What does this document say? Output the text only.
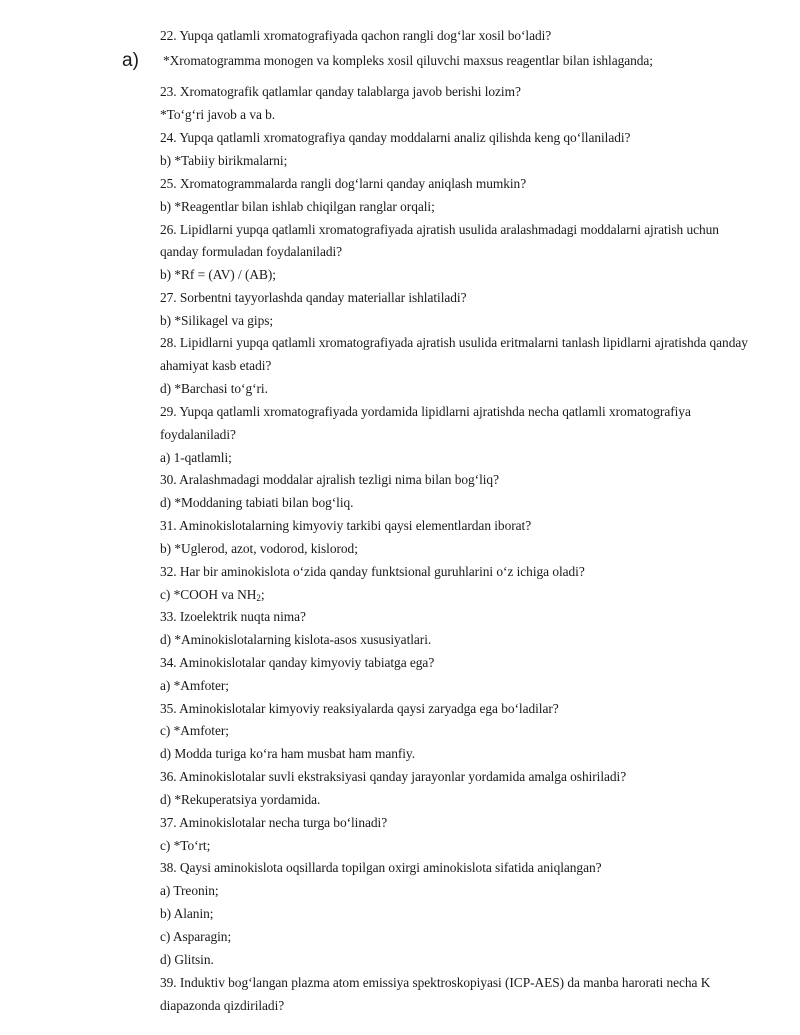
a)
22. Yupqa qatlamli xromatografiyada qachon rangli dog‘lar xosil bo‘ladi?
*Xromatogramma monogen va kompleks xosil qiluvchi maxsus reagentlar bilan ishlaganda;
23. Xromatografik qatlamlar qanday talablarga javob berishi lozim?
*To‘g‘ri javob a va b.
24. Yupqa qatlamli xromatografiya qanday moddalarni analiz qilishda keng qo‘llaniladi?
b) *Tabiiy birikmalarni;
25. Xromatogrammalarda rangli dog‘larni qanday aniqlash mumkin?
b) *Reagentlar bilan ishlab chiqilgan ranglar orqali;
26. Lipidlarni yupqa qatlamli xromatografiyada ajratish usulida aralashmadagi moddalarni ajratish uchun
qanday formuladan foydalaniladi?
b) *Rf = (AV) / (AB);
27. Sorbentni tayyorlashda qanday materiallar ishlatiladi?
b) *Silikagel va gips;
28. Lipidlarni yupqa qatlamli xromatografiyada ajratish usulida eritmalarni tanlash lipidlarni ajratishda qanday
ahamiyat kasb etadi?
d) *Barchasi to‘g‘ri.
29. Yupqa qatlamli xromatografiyada yordamida lipidlarni ajratishda necha qatlamli xromatografiya
foydalaniladi?
a) 1-qatlamli;
30. Aralashmadagi moddalar ajralish tezligi nima bilan bog‘liq?
d) *Moddaning tabiati bilan bog‘liq.
31. Aminokislotalarning kimyoviy tarkibi qaysi elementlardan iborat?
b) *Uglerod, azot, vodorod, kislorod;
32. Har bir aminokislota o‘zida qanday funktsional guruhlarini o‘z ichiga oladi?
c) *COOH va $NH_2$;
33. Izoelektrik nuqta nima?
d) *Aminokislotalarning kislota-asos xususiyatlari.
34. Aminokislotalar qanday kimyoviy tabiatga ega?
a) *Amfoter;
35. Aminokislotalar kimyoviy reaksiyalarda qaysi zaryadga ega bo‘ladilar?
c) *Amfoter;
d) Modda turiga ko‘ra ham musbat ham manfiy.
36. Aminokislotalar suvli ekstraksiyasi qanday jarayonlar yordamida amalga oshiriladi?
d) *Rekuperatsiya yordamida.
37. Aminokislotalar necha turga bo‘linadi?
c) *To‘rt;
38. Qaysi aminokislota oqsillarda topilgan oxirgi aminokislota sifatida aniqlangan?
a) Treonin;
b) Alanin;
c) Asparagin;
d) Glitsin.
39. Induktiv bog‘langan plazma atom emissiya spektroskopiyasi (ICP-AES) da manba harorati necha K
diapazonda qizdiriladi?
